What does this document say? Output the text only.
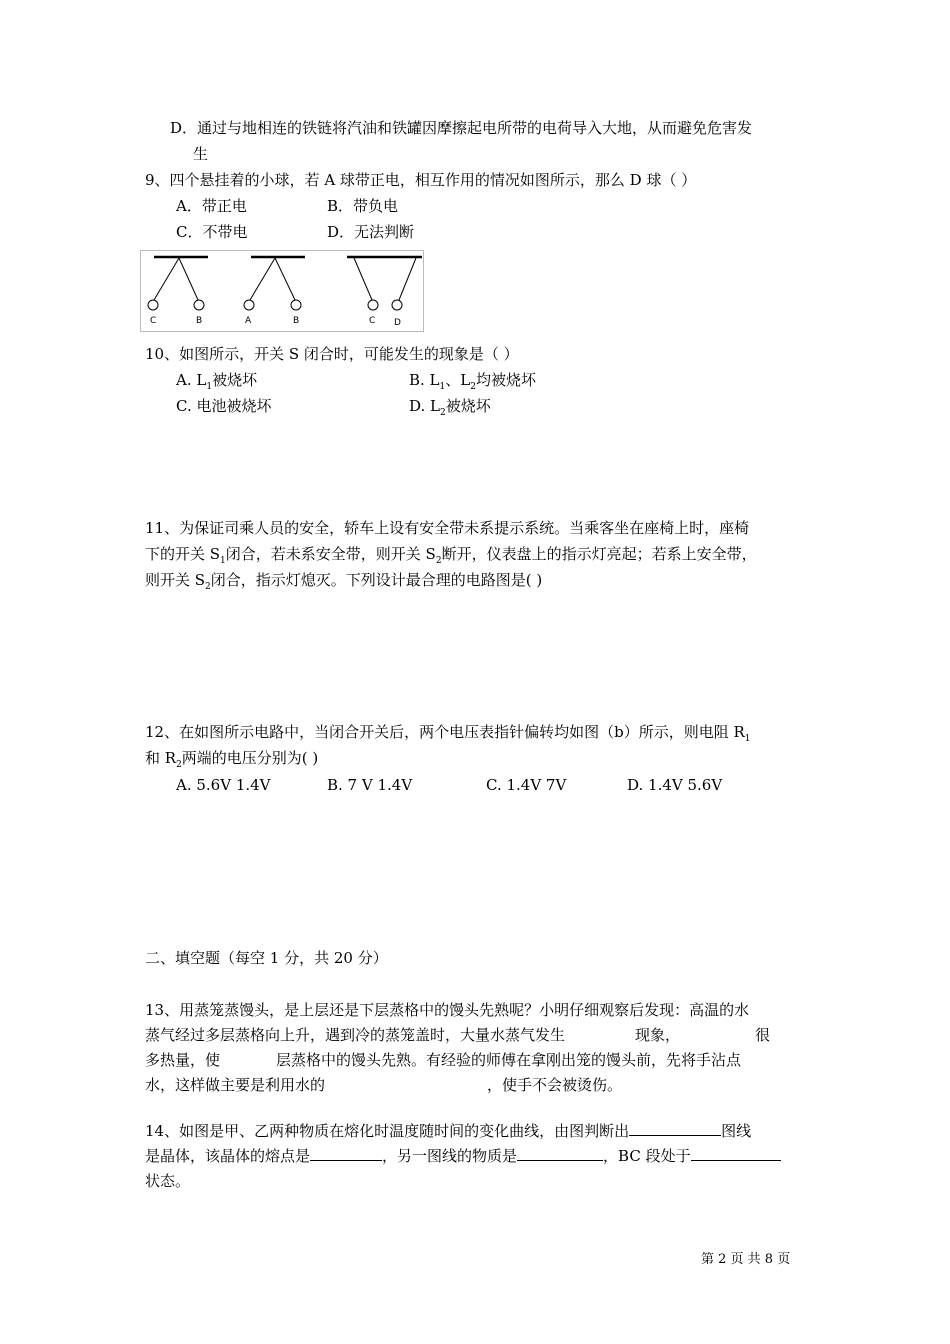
D．通过与地相连的铁链将汽油和铁罐因摩擦起电所带的电荷导入大地，从而避免危害发
生
9、四个悬挂着的小球，若 A 球带正电，相互作用的情况如图所示，那么 D 球（ ）
A．带正电	B．带负电
C．不带电	D．无法判断
C	B	A	B	C D
10、如图所示，开关 S 闭合时，可能发生的现象是（ ）
A. $L_1$被烧坏	B. $L_1$、$L_2$均被烧坏
C. 电池被烧坏	D. $L_2$被烧坏
11、为保证司乘人员的安全，轿车上设有安全带未系提示系统。当乘客坐在座椅上时，座椅
下的开关 $S_1$闭合，若未系安全带，则开关 $S_2$断开，仪表盘上的指示灯亮起；若系上安全带，
则开关 $S_2$闭合，指示灯熄灭。下列设计最合理的电路图是( )
12、在如图所示电路中，当闭合开关后，两个电压表指针偏转均如图（b）所示，则电阻 $R_1$
和 $R_2$两端的电压分别为( )
A. 5.6V 1.4V	B. 7 V 1.4V	C. 1.4V 7V	D. 1.4V 5.6V
二、填空题（每空 1 分，共 20 分）
13、用蒸笼蒸馒头，是上层还是下层蒸格中的馒头先熟呢？小明仔细观察后发现：高温的水
蒸气经过多层蒸格向上升，遇到冷的蒸笼盖时，大量水蒸气发生	现象，	很
多热量，使	层蒸格中的馒头先熟。有经验的师傅在拿刚出笼的馒头前，先将手沾点
水，这样做主要是利用水的	，使手不会被烫伤。
14、如图是甲、乙两种物质在熔化时温度随时间的变化曲线，由图判断出	图线
是晶体，该晶体的熔点是	，另一图线的物质是	，BC 段处于
状态。
第 2 页 共 8 页
